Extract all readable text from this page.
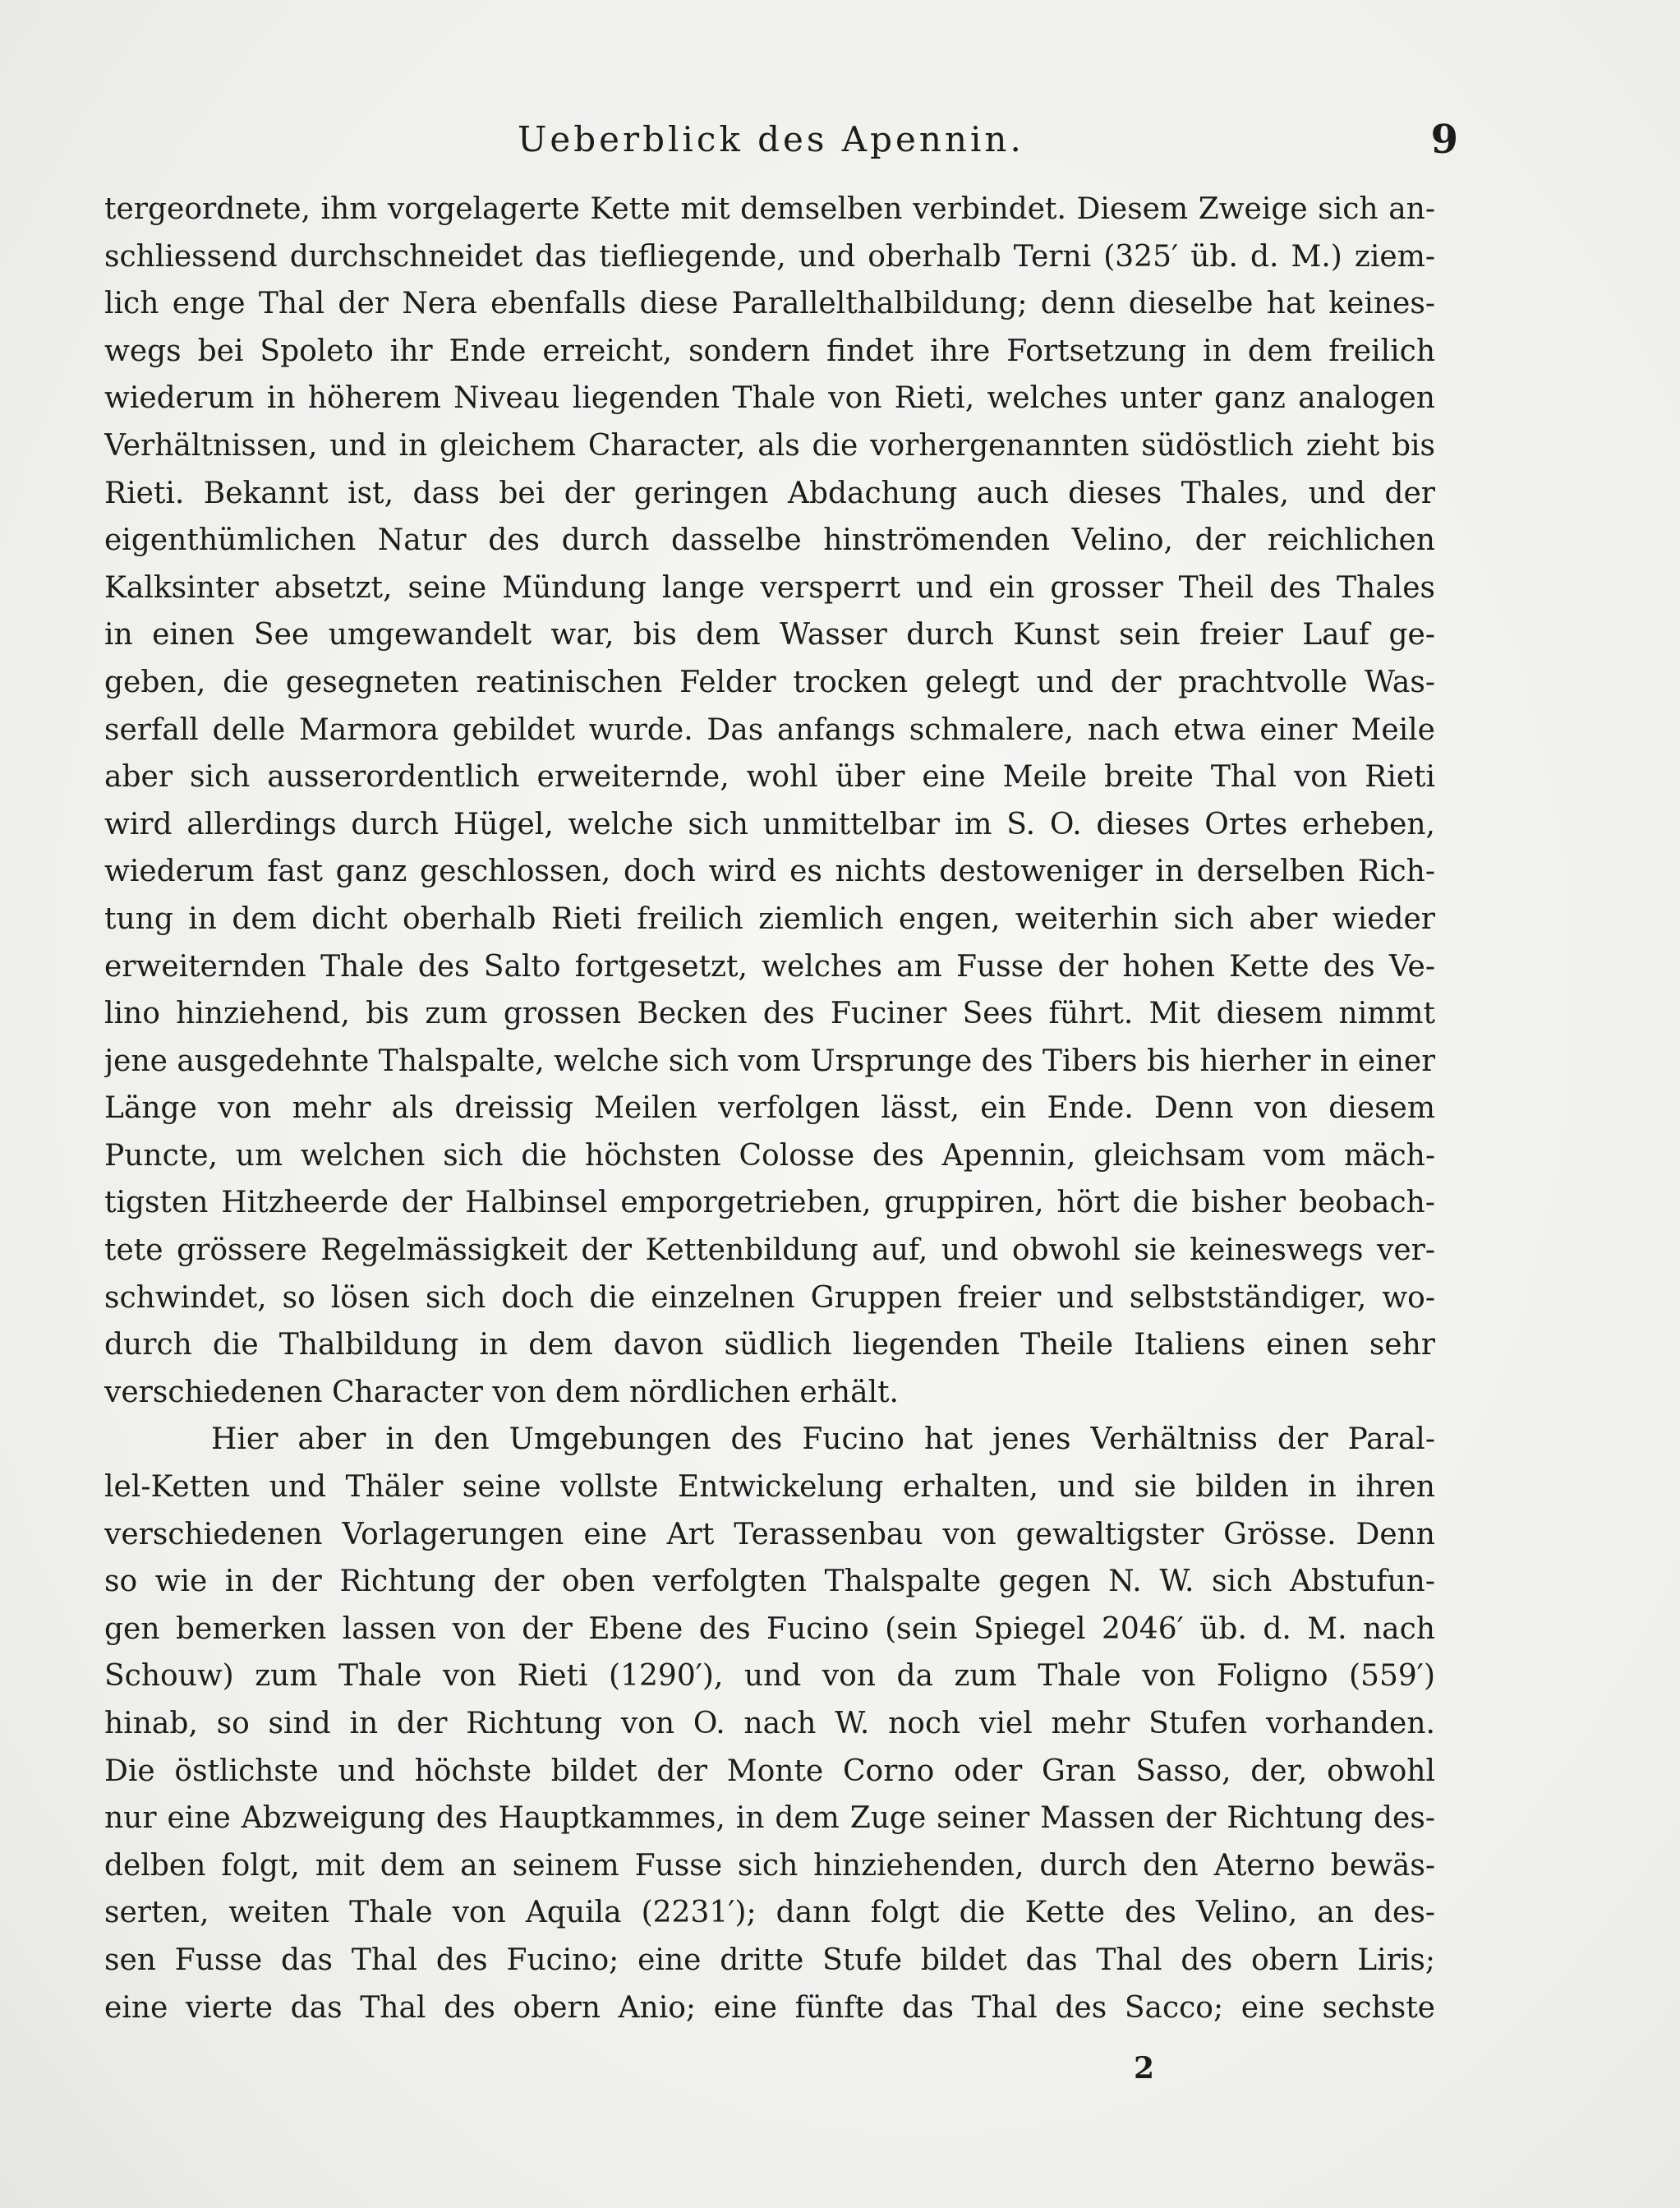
Ueberblick des Apennin.	9
tergeordnete, ihm vorgelagerte Kette mit demselben verbindet. Diesem Zweige sich an-
schliessend durchschneidet das tiefliegende, und oberhalb Terni (325′ üb. d. M.) ziem-
lich enge Thal der Nera ebenfalls diese Parallelthalbildung; denn dieselbe hat keines-
wegs bei Spoleto ihr Ende erreicht, sondern findet ihre Fortsetzung in dem freilich
wiederum in höherem Niveau liegenden Thale von Rieti, welches unter ganz analogen
Verhältnissen, und in gleichem Character, als die vorhergenannten südöstlich zieht bis
Rieti. Bekannt ist, dass bei der geringen Abdachung auch dieses Thales, und der
eigenthümlichen Natur des durch dasselbe hinströmenden Velino, der reichlichen
Kalksinter absetzt, seine Mündung lange versperrt und ein grosser Theil des Thales
in einen See umgewandelt war, bis dem Wasser durch Kunst sein freier Lauf ge-
geben, die gesegneten reatinischen Felder trocken gelegt und der prachtvolle Was-
serfall delle Marmora gebildet wurde. Das anfangs schmalere, nach etwa einer Meile
aber sich ausserordentlich erweiternde, wohl über eine Meile breite Thal von Rieti
wird allerdings durch Hügel, welche sich unmittelbar im S. O. dieses Ortes erheben,
wiederum fast ganz geschlossen, doch wird es nichts destoweniger in derselben Rich-
tung in dem dicht oberhalb Rieti freilich ziemlich engen, weiterhin sich aber wieder
erweiternden Thale des Salto fortgesetzt, welches am Fusse der hohen Kette des Ve-
lino hinziehend, bis zum grossen Becken des Fuciner Sees führt. Mit diesem nimmt
jene ausgedehnte Thalspalte, welche sich vom Ursprunge des Tibers bis hierher in einer
Länge von mehr als dreissig Meilen verfolgen lässt, ein Ende. Denn von diesem
Puncte, um welchen sich die höchsten Colosse des Apennin, gleichsam vom mäch-
tigsten Hitzheerde der Halbinsel emporgetrieben, gruppiren, hört die bisher beobach-
tete grössere Regelmässigkeit der Kettenbildung auf, und obwohl sie keineswegs ver-
schwindet, so lösen sich doch die einzelnen Gruppen freier und selbstständiger, wo-
durch die Thalbildung in dem davon südlich liegenden Theile Italiens einen sehr
verschiedenen Character von dem nördlichen erhält.
Hier aber in den Umgebungen des Fucino hat jenes Verhältniss der Paral-
lel-Ketten und Thäler seine vollste Entwickelung erhalten, und sie bilden in ihren
verschiedenen Vorlagerungen eine Art Terassenbau von gewaltigster Grösse. Denn
so wie in der Richtung der oben verfolgten Thalspalte gegen N. W. sich Abstufun-
gen bemerken lassen von der Ebene des Fucino (sein Spiegel 2046′ üb. d. M. nach
Schouw) zum Thale von Rieti (1290′), und von da zum Thale von Foligno (559′)
hinab, so sind in der Richtung von O. nach W. noch viel mehr Stufen vorhanden.
Die östlichste und höchste bildet der Monte Corno oder Gran Sasso, der, obwohl
nur eine Abzweigung des Hauptkammes, in dem Zuge seiner Massen der Richtung des-
delben folgt, mit dem an seinem Fusse sich hinziehenden, durch den Aterno bewäs-
serten, weiten Thale von Aquila (2231′); dann folgt die Kette des Velino, an des-
sen Fusse das Thal des Fucino; eine dritte Stufe bildet das Thal des obern Liris;
eine vierte das Thal des obern Anio; eine fünfte das Thal des Sacco; eine sechste
2
